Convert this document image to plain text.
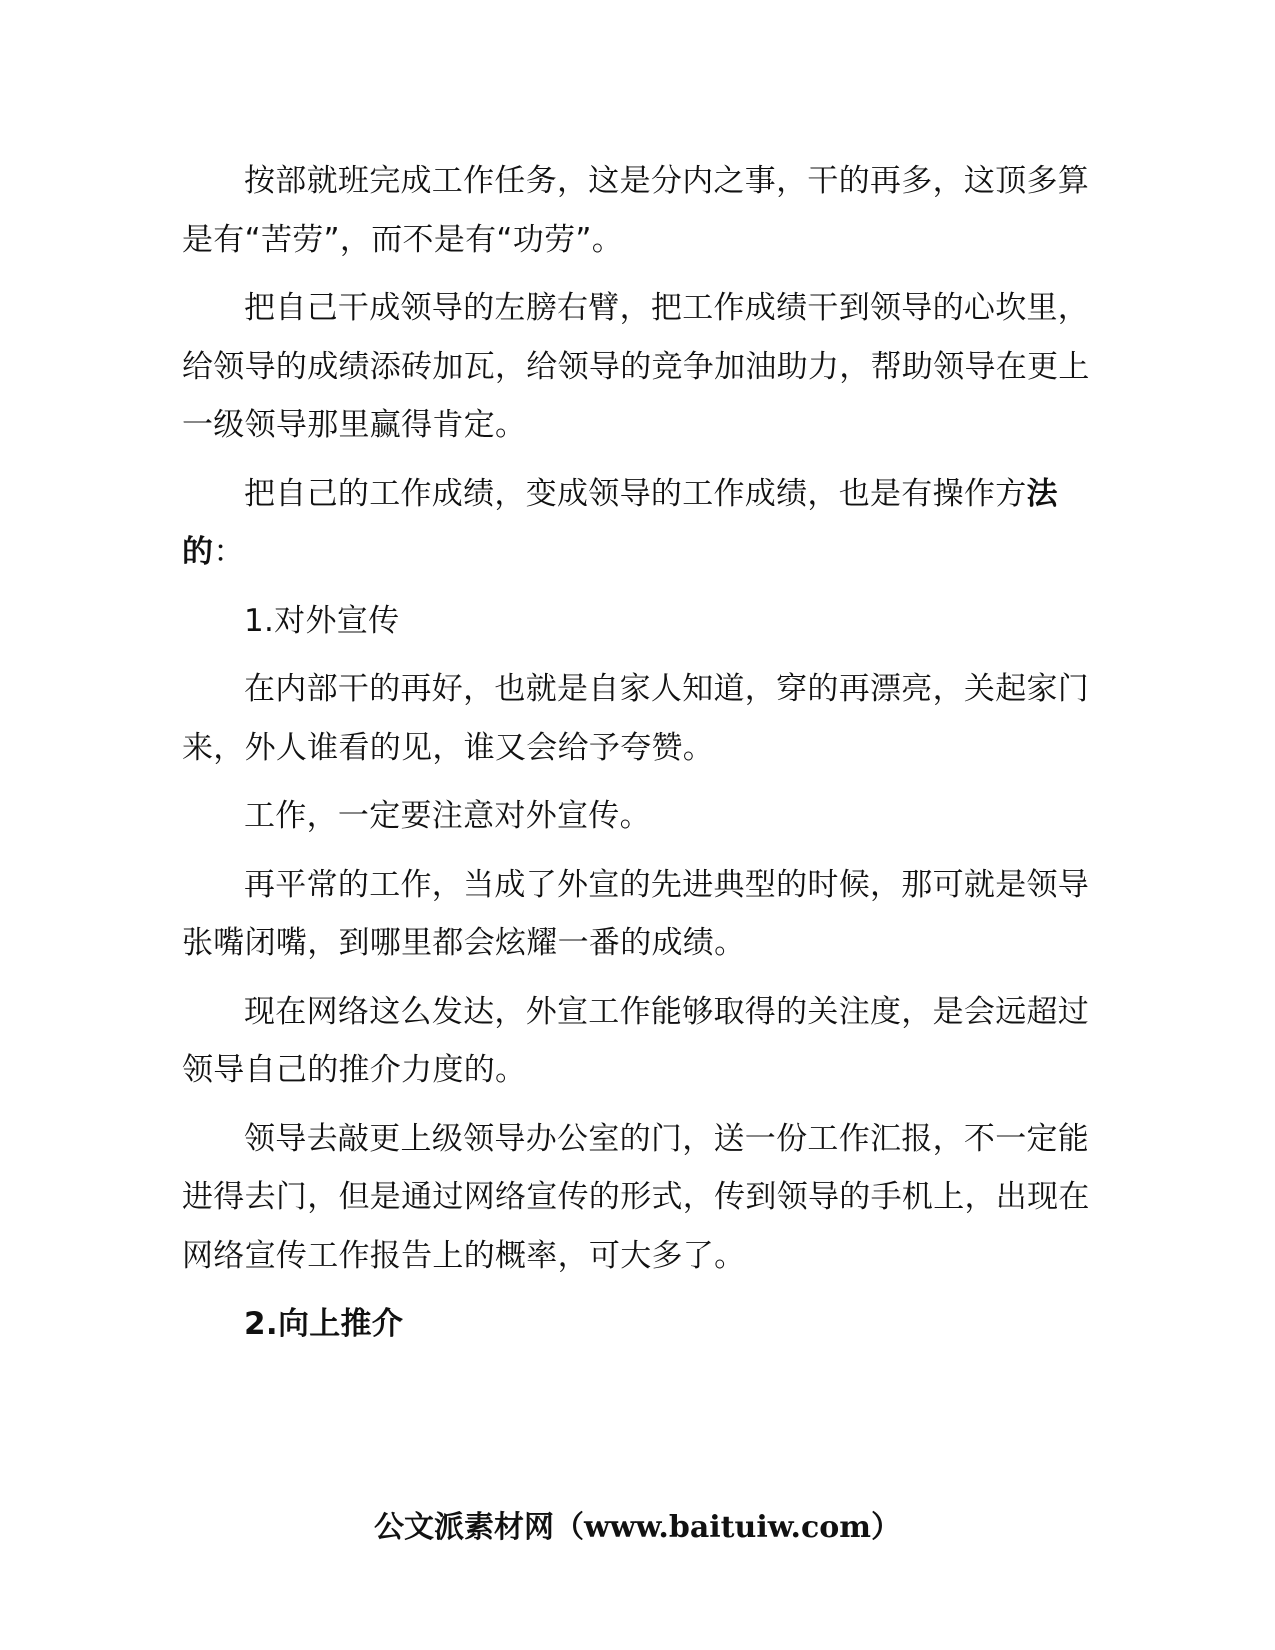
按部就班完成工作任务，这是分内之事，干的再多，这顶多算是有“苦劳”，而不是有“功劳”。

把自己干成领导的左膀右臂，把工作成绩干到领导的心坎里，给领导的成绩添砖加瓦，给领导的竞争加油助力，帮助领导在更上一级领导那里赢得肯定。

把自己的工作成绩，变成领导的工作成绩，也是有操作方法的：

1.对外宣传

在内部干的再好，也就是自家人知道，穿的再漂亮，关起家门来，外人谁看的见，谁又会给予夸赞。

工作，一定要注意对外宣传。

再平常的工作，当成了外宣的先进典型的时候，那可就是领导张嘴闭嘴，到哪里都会炫耀一番的成绩。

现在网络这么发达，外宣工作能够取得的关注度，是会远超过领导自己的推介力度的。

领导去敲更上级领导办公室的门，送一份工作汇报，不一定能进得去门，但是通过网络宣传的形式，传到领导的手机上，出现在网络宣传工作报告上的概率，可大多了。

2.向上推介

公文派素材网（www.baituiw.com）
